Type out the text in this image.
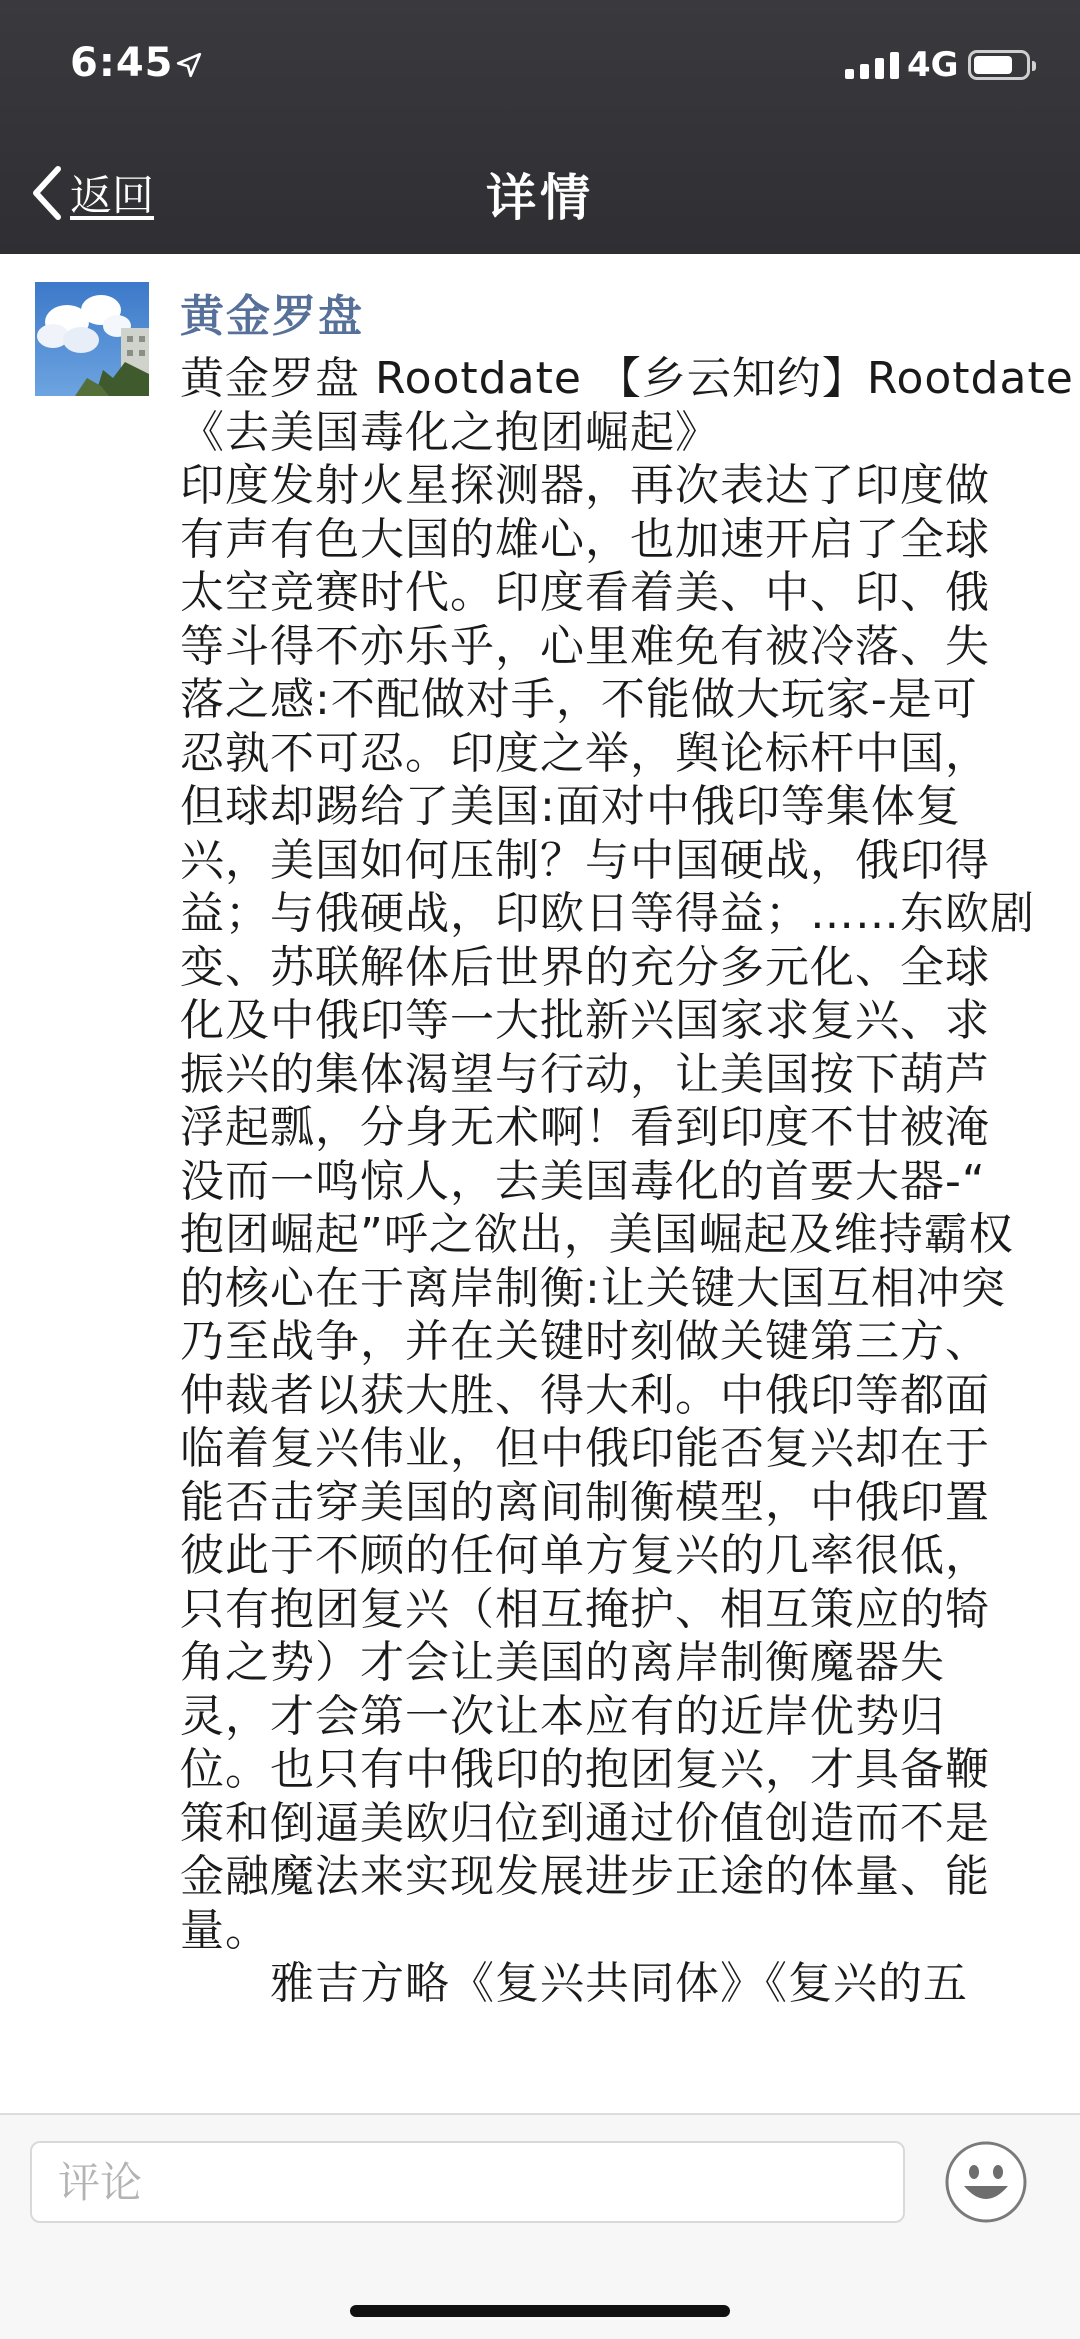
6:45	4G
返回	详情
黄金罗盘
黄金罗盘 Rootdate 【乡云知约】Rootdate
《去美国毒化之抱团崛起》
印度发射火星探测器，再次表达了印度做
有声有色大国的雄心，也加速开启了全球
太空竞赛时代。印度看着美、中、印、俄
等斗得不亦乐乎，心里难免有被冷落、失
落之感:不配做对手，不能做大玩家-是可
忍孰不可忍。印度之举，舆论标杆中国，
但球却踢给了美国:面对中俄印等集体复
兴，美国如何压制？与中国硬战，俄印得
益；与俄硬战，印欧日等得益；……东欧剧
变、苏联解体后世界的充分多元化、全球
化及中俄印等一大批新兴国家求复兴、求
振兴的集体渴望与行动，让美国按下葫芦
浮起瓢，分身无术啊！看到印度不甘被淹
没而一鸣惊人，去美国毒化的首要大器-“
抱团崛起”呼之欲出，美国崛起及维持霸权
的核心在于离岸制衡:让关键大国互相冲突
乃至战争，并在关键时刻做关键第三方、
仲裁者以获大胜、得大利。中俄印等都面
临着复兴伟业，但中俄印能否复兴却在于
能否击穿美国的离间制衡模型，中俄印置
彼此于不顾的任何单方复兴的几率很低，
只有抱团复兴（相互掩护、相互策应的犄
角之势）才会让美国的离岸制衡魔器失
灵，才会第一次让本应有的近岸优势归
位。也只有中俄印的抱团复兴，才具备鞭
策和倒逼美欧归位到通过价值创造而不是
金融魔法来实现发展进步正途的体量、能
量。
　　雅吉方略《复兴共同体》《复兴的五
评论
